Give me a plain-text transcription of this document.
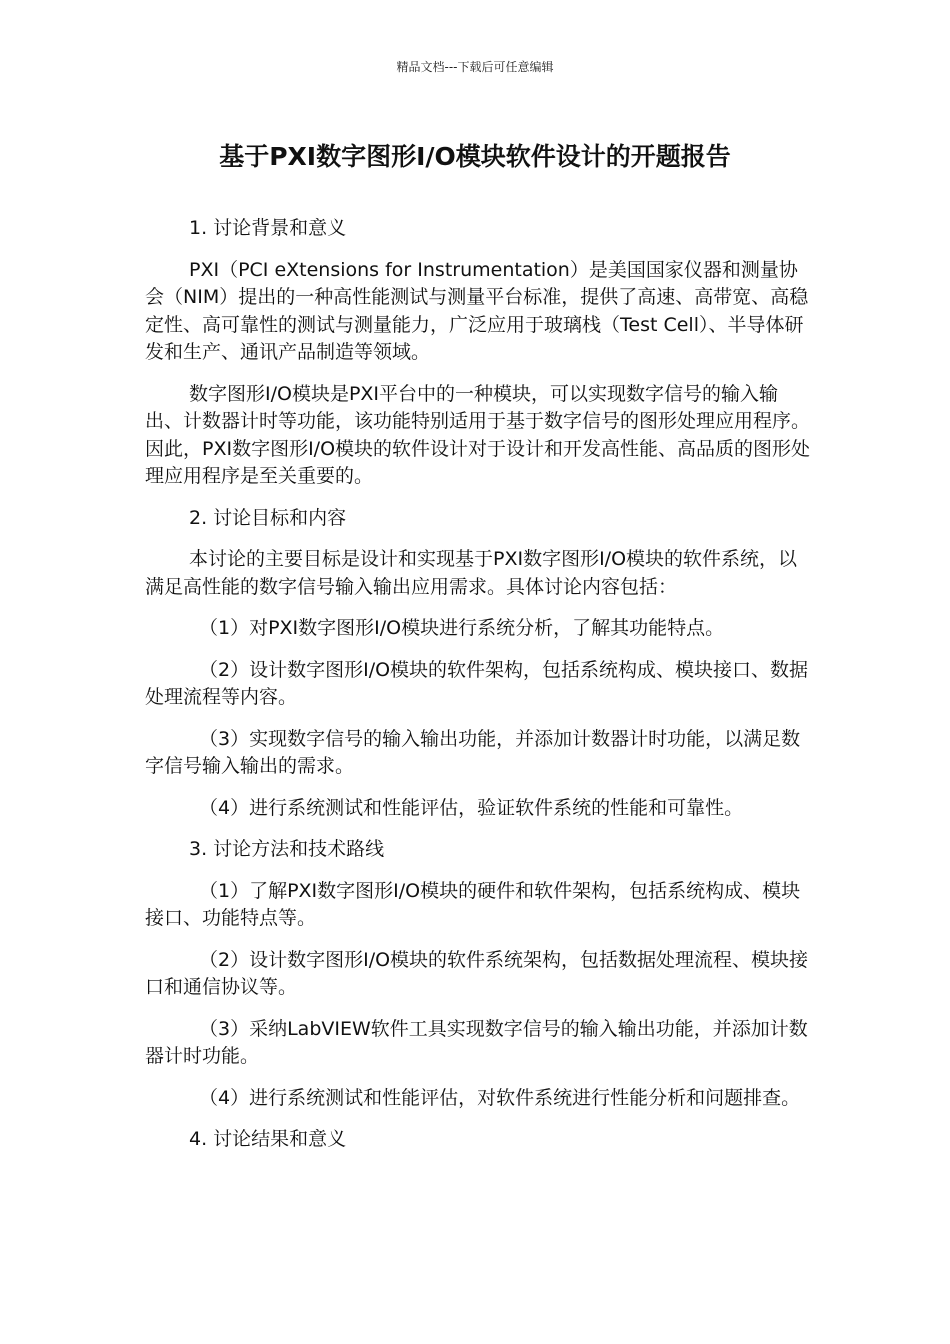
精品文档---下载后可任意编辑
基于PXI数字图形I/O模块软件设计的开题报告

1. 讨论背景和意义

PXI（PCI eXtensions for Instrumentation）是美国国家仪器和测量协会（NIM）提出的一种高性能测试与测量平台标准，提供了高速、高带宽、高稳定性、高可靠性的测试与测量能力，广泛应用于玻璃栈（Test Cell）、半导体研发和生产、通讯产品制造等领域。

数字图形I/O模块是PXI平台中的一种模块，可以实现数字信号的输入输出、计数器计时等功能，该功能特别适用于基于数字信号的图形处理应用程序。因此，PXI数字图形I/O模块的软件设计对于设计和开发高性能、高品质的图形处理应用程序是至关重要的。

2. 讨论目标和内容

本讨论的主要目标是设计和实现基于PXI数字图形I/O模块的软件系统，以满足高性能的数字信号输入输出应用需求。具体讨论内容包括：

（1）对PXI数字图形I/O模块进行系统分析，了解其功能特点。

（2）设计数字图形I/O模块的软件架构，包括系统构成、模块接口、数据处理流程等内容。

（3）实现数字信号的输入输出功能，并添加计数器计时功能，以满足数字信号输入输出的需求。

（4）进行系统测试和性能评估，验证软件系统的性能和可靠性。

3. 讨论方法和技术路线

（1）了解PXI数字图形I/O模块的硬件和软件架构，包括系统构成、模块接口、功能特点等。

（2）设计数字图形I/O模块的软件系统架构，包括数据处理流程、模块接口和通信协议等。

（3）采纳LabVIEW软件工具实现数字信号的输入输出功能，并添加计数器计时功能。

（4）进行系统测试和性能评估，对软件系统进行性能分析和问题排查。

4. 讨论结果和意义
